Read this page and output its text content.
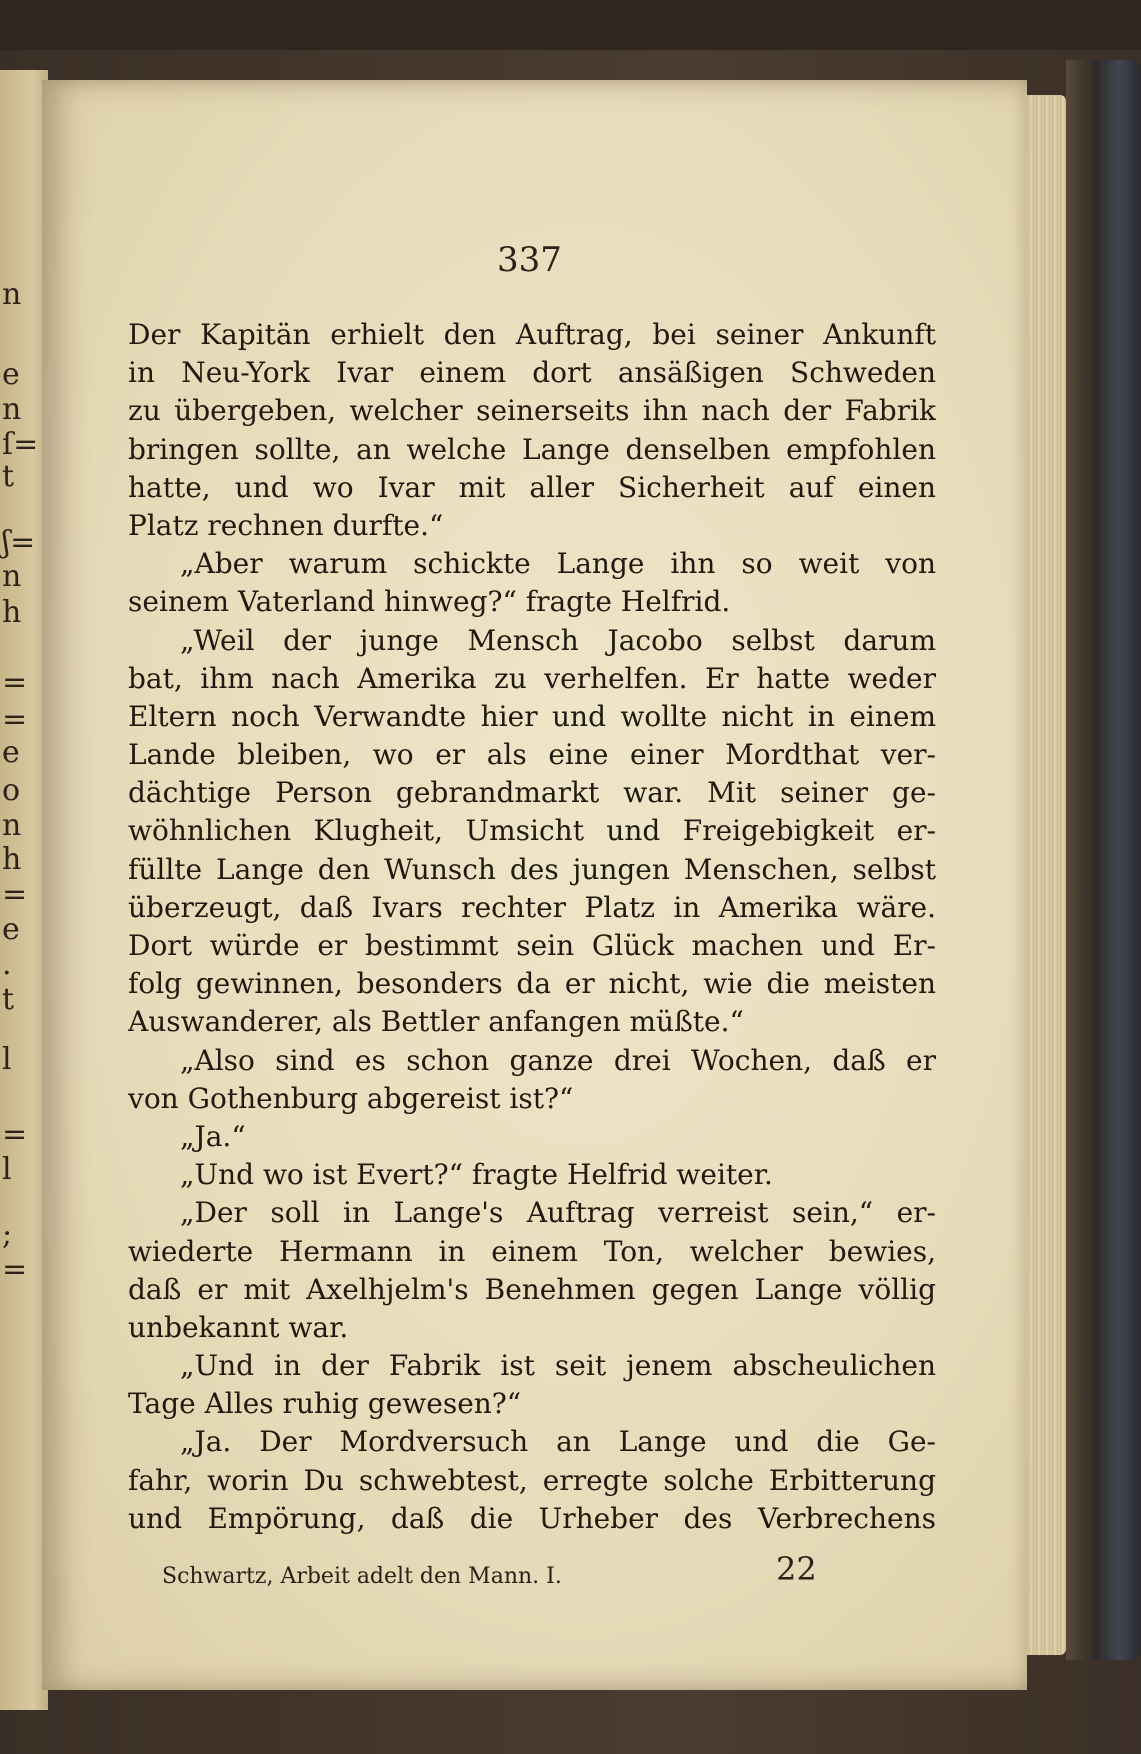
n
e
n
ſ=
t
ʃ=
n
h
=
=
e
o
n
h
=
e
.
t
l
=
l
;
=
337
Der Kapitän erhielt den Auftrag, bei seiner Ankunft
in Neu-York Ivar einem dort ansäßigen Schweden
zu übergeben, welcher seinerseits ihn nach der Fabrik
bringen sollte, an welche Lange denselben empfohlen
hatte, und wo Ivar mit aller Sicherheit auf einen
Platz rechnen durfte.“
„Aber warum schickte Lange ihn so weit von
seinem Vaterland hinweg?“ fragte Helfrid.
„Weil der junge Mensch Jacobo selbst darum
bat, ihm nach Amerika zu verhelfen. Er hatte weder
Eltern noch Verwandte hier und wollte nicht in einem
Lande bleiben, wo er als eine einer Mordthat ver-
dächtige Person gebrandmarkt war. Mit seiner ge-
wöhnlichen Klugheit, Umsicht und Freigebigkeit er-
füllte Lange den Wunsch des jungen Menschen, selbst
überzeugt, daß Ivars rechter Platz in Amerika wäre.
Dort würde er bestimmt sein Glück machen und Er-
folg gewinnen, besonders da er nicht, wie die meisten
Auswanderer, als Bettler anfangen müßte.“
„Also sind es schon ganze drei Wochen, daß er
von Gothenburg abgereist ist?“
„Ja.“
„Und wo ist Evert?“ fragte Helfrid weiter.
„Der soll in Lange's Auftrag verreist sein,“ er-
wiederte Hermann in einem Ton, welcher bewies,
daß er mit Axelhjelm's Benehmen gegen Lange völlig
unbekannt war.
„Und in der Fabrik ist seit jenem abscheulichen
Tage Alles ruhig gewesen?“
„Ja. Der Mordversuch an Lange und die Ge-
fahr, worin Du schwebtest, erregte solche Erbitterung
und Empörung, daß die Urheber des Verbrechens
Schwartz, Arbeit adelt den Mann. I.	22
